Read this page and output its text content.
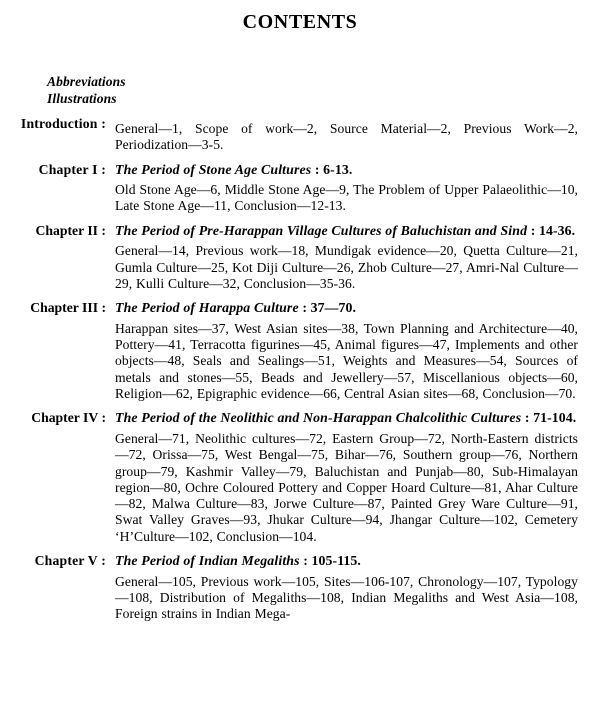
CONTENTS
Abbreviations
Illustrations
Introduction : General—1, Scope of work—2, Source Material—2, Previous Work—2, Periodization—3-5.

Chapter I : The Period of Stone Age Cultures : 6-13.

Old Stone Age—6, Middle Stone Age—9, The Problem of Upper Palaeolithic—10, Late Stone Age—11, Conclusion—12-13.

Chapter II : The Period of Pre-Harappan Village Cultures of Baluchistan and Sind : 14-36.

General—14, Previous work—18, Mundigak evidence—20, Quetta Culture—21, Gumla Culture—25, Kot Diji Culture—26, Zhob Culture—27, Amri-Nal Culture—29, Kulli Culture—32, Conclusion—35-36.

Chapter III : The Period of Harappa Culture : 37—70.

Harappan sites—37, West Asian sites—38, Town Planning and Architecture—40, Pottery—41, Terracotta figurines—45, Animal figures—47, Implements and other objects—48, Seals and Sealings—51, Weights and Measures—54, Sources of metals and stones—55, Beads and Jewellery—57, Miscellanious objects—60, Religion—62, Epigraphic evidence—66, Central Asian sites—68, Conclusion—70.

Chapter IV : The Period of the Neolithic and Non-Harappan Chalcolithic Cultures : 71-104.

General—71, Neolithic cultures—72, Eastern Group—72, North-Eastern districts—72, Orissa—75, West Bengal—75, Bihar—76, Southern group—76, Northern group—79, Kashmir Valley—79, Baluchistan and Punjab—80, Sub-Himalayan region—80, Ochre Coloured Pottery and Copper Hoard Culture—81, Ahar Culture—82, Malwa Culture—83, Jorwe Culture—87, Painted Grey Ware Culture—91, Swat Valley Graves—93, Jhukar Culture—94, Jhangar Culture—102, Cemetery ‘H’Culture—102, Conclusion—104.

Chapter V : The Period of Indian Megaliths : 105-115.

General—105, Previous work—105, Sites—106-107, Chronology—107, Typology—108, Distribution of Megaliths—108, Indian Megaliths and West Asia—108, Foreign strains in Indian Mega-
